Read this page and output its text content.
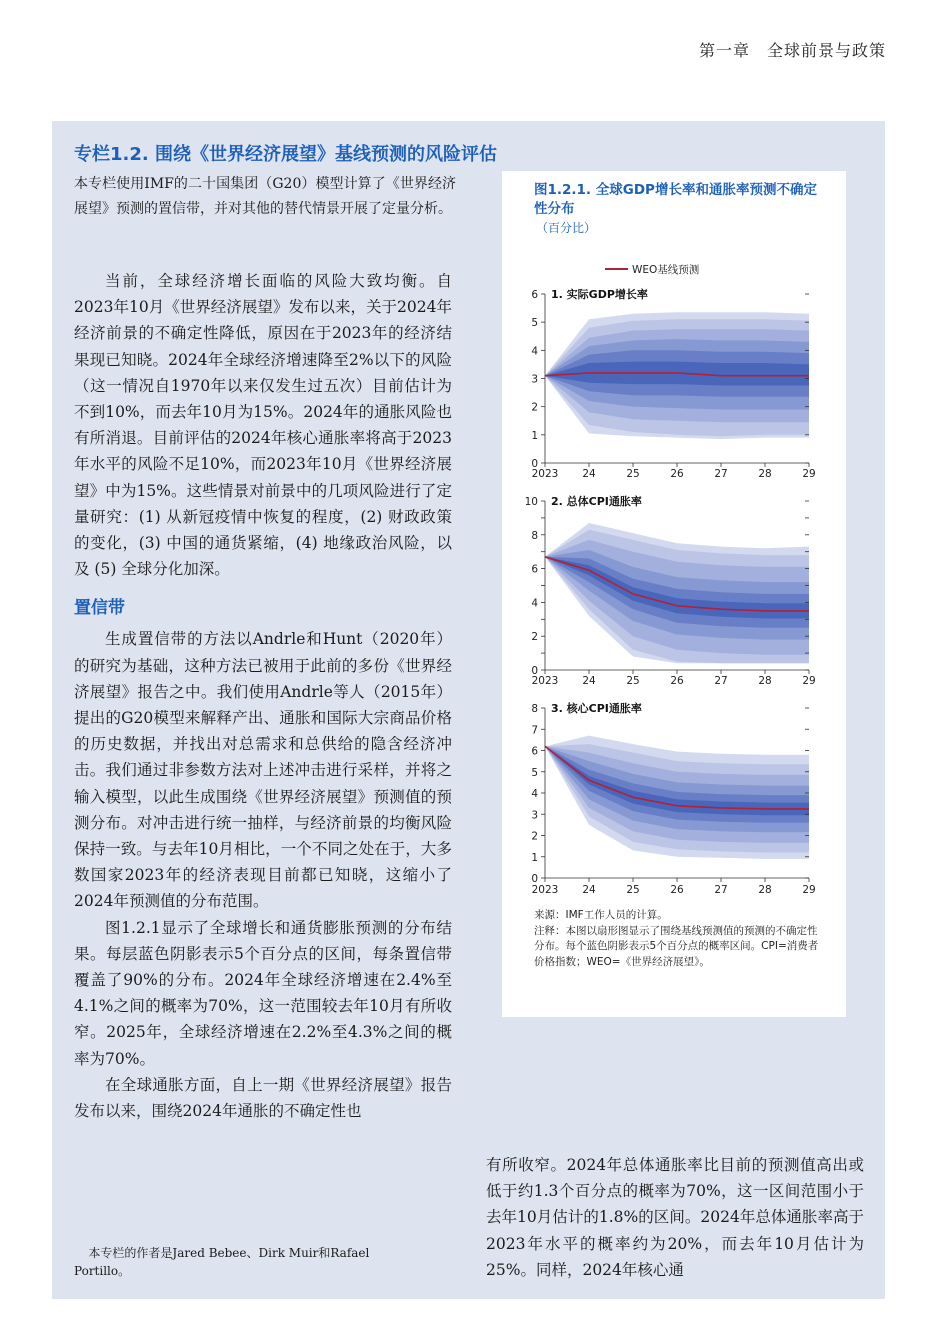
第一章　全球前景与政策
专栏1.2. 围绕《世界经济展望》基线预测的风险评估
本专栏使用IMF的二十国集团（G20）模型计算了《世界经济展望》预测的置信带，并对其他的替代情景开展了定量分析。

当前，全球经济增长面临的风险大致均衡。自2023年10月《世界经济展望》发布以来，关于2024年经济前景的不确定性降低，原因在于2023年的经济结果现已知晓。2024年全球经济增速降至2%以下的风险（这一情况自1970年以来仅发生过五次）目前估计为不到10%，而去年10月为15%。2024年的通胀风险也有所消退。目前评估的2024年核心通胀率将高于2023年水平的风险不足10%，而2023年10月《世界经济展望》中为15%。这些情景对前景中的几项风险进行了定量研究：(1) 从新冠疫情中恢复的程度，(2) 财政政策的变化，(3) 中国的通货紧缩，(4) 地缘政治风险，以及 (5) 全球分化加深。

置信带

生成置信带的方法以Andrle和Hunt（2020年）的研究为基础，这种方法已被用于此前的多份《世界经济展望》报告之中。我们使用Andrle等人（2015年）提出的G20模型来解释产出、通胀和国际大宗商品价格的历史数据，并找出对总需求和总供给的隐含经济冲击。我们通过非参数方法对上述冲击进行采样，并将之输入模型，以此生成围绕《世界经济展望》预测值的预测分布。对冲击进行统一抽样，与经济前景的均衡风险保持一致。与去年10月相比，一个不同之处在于，大多数国家2023年的经济表现目前都已知晓，这缩小了2024年预测值的分布范围。

图1.2.1显示了全球增长和通货膨胀预测的分布结果。每层蓝色阴影表示5个百分点的区间，每条置信带覆盖了90%的分布。2024年全球经济增速在2.4%至4.1%之间的概率为70%，这一范围较去年10月有所收窄。2025年，全球经济增速在2.2%至4.3%之间的概率为70%。

在全球通胀方面，自上一期《世界经济展望》报告发布以来，围绕2024年通胀的不确定性也

本专栏的作者是Jared Bebee、Dirk Muir和Rafael Portillo。

有所收窄。2024年总体通胀率比目前的预测值高出或低于约1.3个百分点的概率为70%，这一区间范围小于去年10月估计的1.8%的区间。2024年总体通胀率高于2023年水平的概率约为20%，而去年10月估计为25%。同样，2024年核心通

图1.2.1. 全球GDP增长率和通胀率预测不确定性分布
（百分比）
WEO基线预测
0
1
2
3
4
5
6
2023 24	25	26	27	28	29
1. 实际GDP增长率
0
2
4
6
8
10
2023 24	25	26	27	28	29
2. 总体CPI通胀率
0
1
2
3
4
5
6
7
8
2023 24	25	26	27	28	29
3. 核心CPI通胀率
来源：IMF工作人员的计算。
注释：本图以扇形图显示了围绕基线预测值的预测的不确定性分布。每个蓝色阴影表示5个百分点的概率区间。CPI=消费者价格指数；WEO=《世界经济展望》。
